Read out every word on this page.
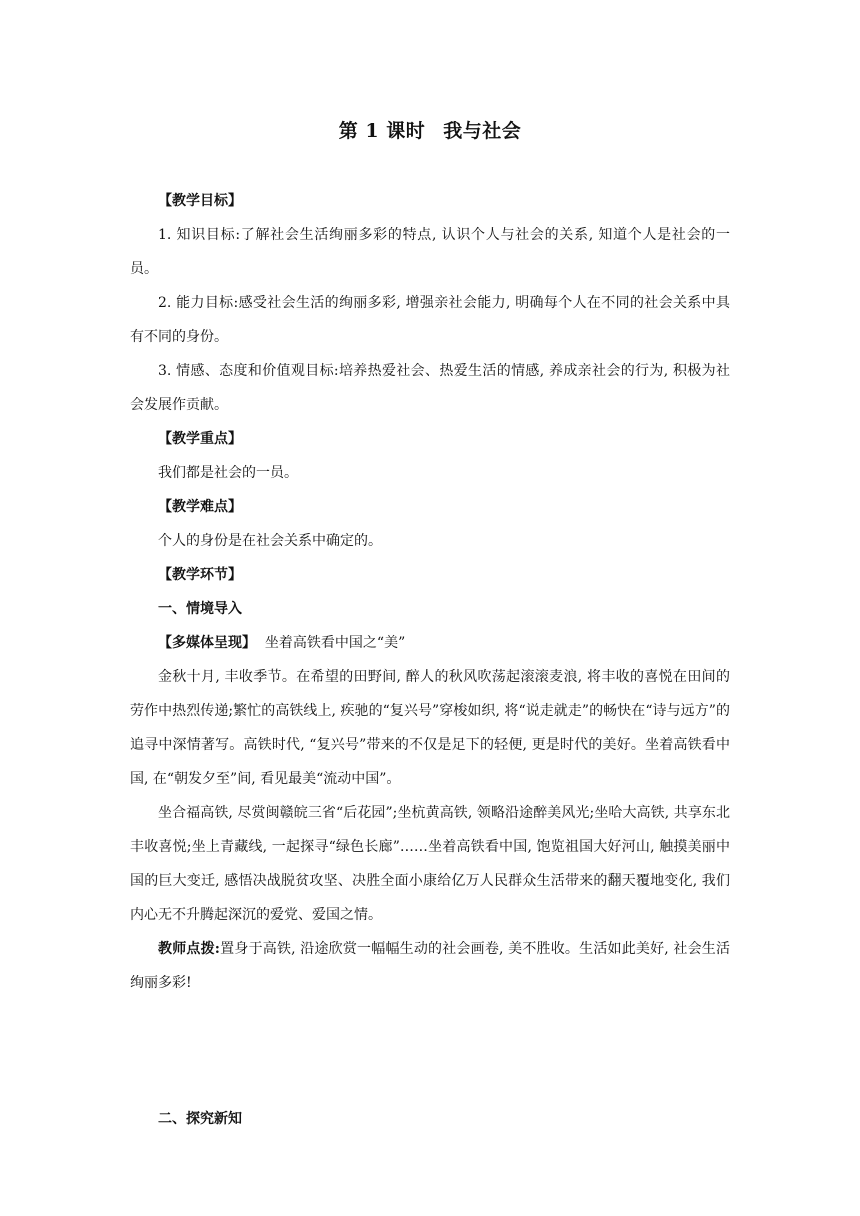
第 1 课时 我与社会

【教学目标】

1. 知识目标:了解社会生活绚丽多彩的特点, 认识个人与社会的关系, 知道个人是社会的一员。

2. 能力目标:感受社会生活的绚丽多彩, 增强亲社会能力, 明确每个人在不同的社会关系中具有不同的身份。

3. 情感、态度和价值观目标:培养热爱社会、热爱生活的情感, 养成亲社会的行为, 积极为社会发展作贡献。

【教学重点】

我们都是社会的一员。

【教学难点】

个人的身份是在社会关系中确定的。

【教学环节】

一、情境导入

【多媒体呈现】 坐着高铁看中国之“美”

金秋十月, 丰收季节。在希望的田野间, 醉人的秋风吹荡起滚滚麦浪, 将丰收的喜悦在田间的劳作中热烈传递;繁忙的高铁线上, 疾驰的“复兴号”穿梭如织, 将“说走就走”的畅快在“诗与远方”的追寻中深情著写。高铁时代, “复兴号”带来的不仅是足下的轻便, 更是时代的美好。坐着高铁看中国, 在“朝发夕至”间, 看见最美“流动中国”。

坐合福高铁, 尽赏闽赣皖三省“后花园”;坐杭黄高铁, 领略沿途醉美风光;坐哈大高铁, 共享东北丰收喜悦;坐上青藏线, 一起探寻“绿色长廊”……坐着高铁看中国, 饱览祖国大好河山, 触摸美丽中国的巨大变迁, 感悟决战脱贫攻坚、决胜全面小康给亿万人民群众生活带来的翻天覆地变化, 我们内心无不升腾起深沉的爱党、爱国之情。

教师点拨:置身于高铁, 沿途欣赏一幅幅生动的社会画卷, 美不胜收。生活如此美好, 社会生活绚丽多彩!

二、探究新知
